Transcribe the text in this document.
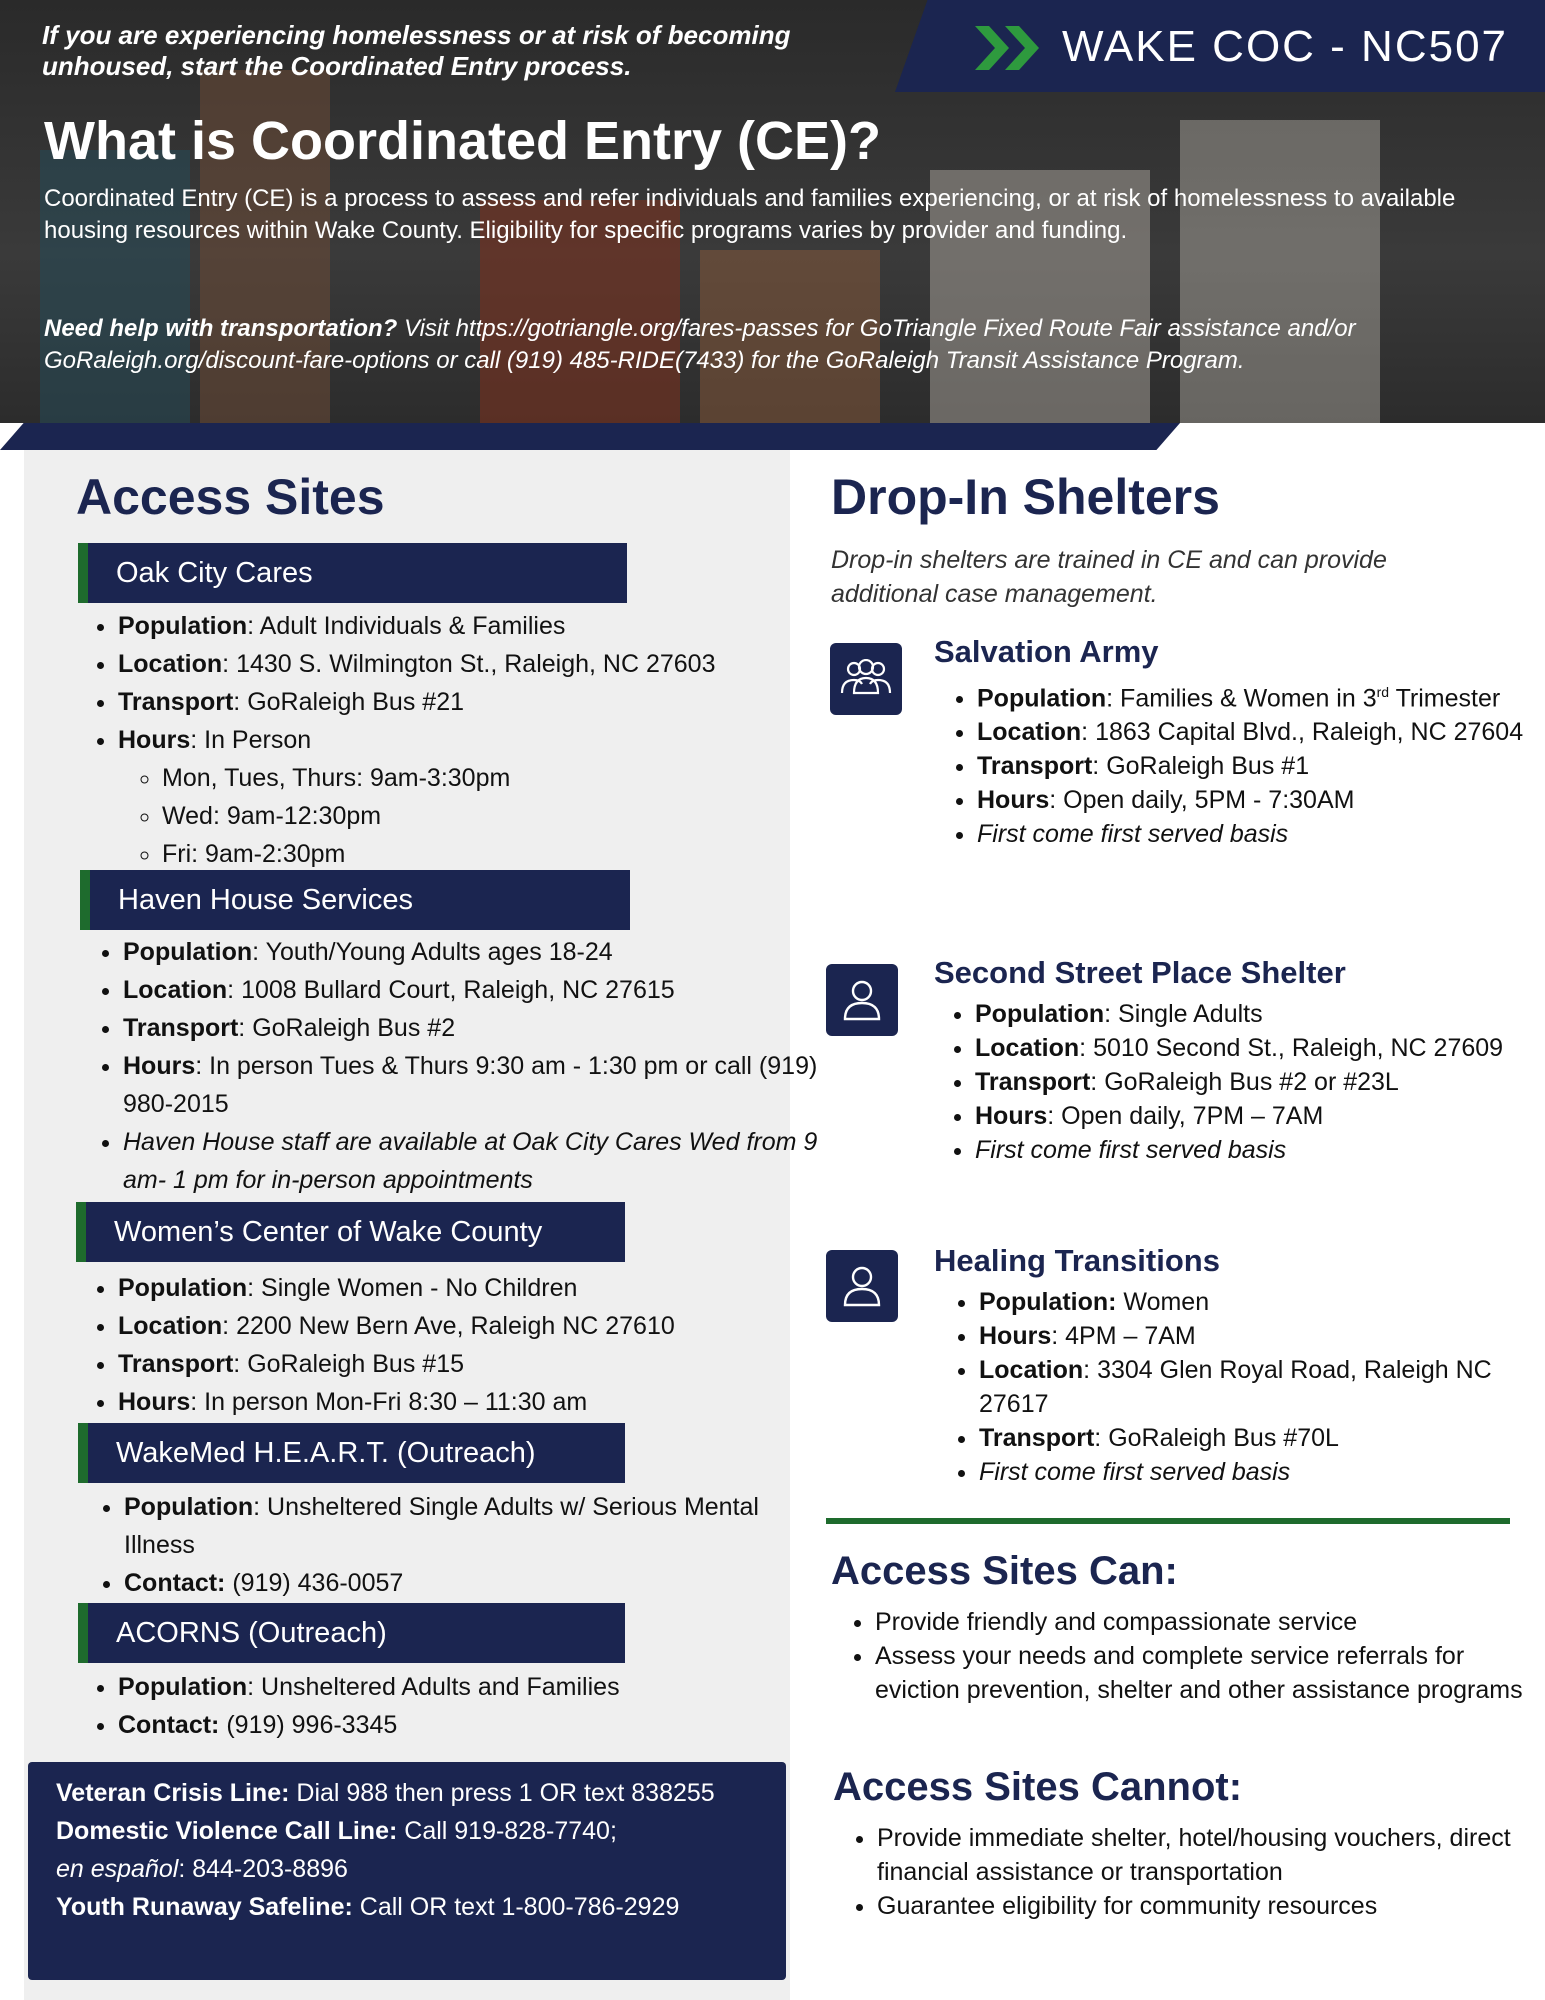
If you are experiencing homelessness or at risk of becoming unhoused, start the Coordinated Entry process.	WAKE COC - NC507
What is Coordinated Entry (CE)?
Coordinated Entry (CE) is a process to assess and refer individuals and families experiencing, or at risk of homelessness to available housing resources within Wake County. Eligibility for specific programs varies by provider and funding.
Need help with transportation? Visit https://gotriangle.org/fares-passes for GoTriangle Fixed Route Fair assistance and/or GoRaleigh.org/discount-fare-options or call (919) 485-RIDE(7433) for the GoRaleigh Transit Assistance Program.
Access Sites
Oak City Cares
• Population: Adult Individuals & Families
• Location: 1430 S. Wilmington St., Raleigh, NC 27603
• Transport: GoRaleigh Bus #21
• Hours: In Person
◦ Mon, Tues, Thurs: 9am-3:30pm
◦ Wed: 9am-12:30pm
◦ Fri: 9am-2:30pm
Haven House Services
• Population: Youth/Young Adults ages 18-24
• Location: 1008 Bullard Court, Raleigh, NC 27615
• Transport: GoRaleigh Bus #2
• Hours: In person Tues & Thurs 9:30 am - 1:30 pm or call (919) 980-2015
• Haven House staff are available at Oak City Cares Wed from 9 am- 1 pm for in-person appointments
Women’s Center of Wake County
• Population: Single Women - No Children
• Location: 2200 New Bern Ave, Raleigh NC 27610
• Transport: GoRaleigh Bus #15
• Hours: In person Mon-Fri 8:30 – 11:30 am
WakeMed H.E.A.R.T. (Outreach)
• Population: Unsheltered Single Adults w/ Serious Mental Illness
• Contact: (919) 436-0057
ACORNS (Outreach)
• Population: Unsheltered Adults and Families
• Contact: (919) 996-3345
Veteran Crisis Line: Dial 988 then press 1 OR text 838255
Domestic Violence Call Line: Call 919-828-7740;
en español: 844-203-8896
Youth Runaway Safeline: Call OR text 1-800-786-2929
Drop-In Shelters
Drop-in shelters are trained in CE and can provide additional case management.
Salvation Army
• Population: Families & Women in 3rd Trimester
• Location: 1863 Capital Blvd., Raleigh, NC 27604
• Transport: GoRaleigh Bus #1
• Hours: Open daily, 5PM - 7:30AM
• First come first served basis
Second Street Place Shelter
• Population: Single Adults
• Location: 5010 Second St., Raleigh, NC 27609
• Transport: GoRaleigh Bus #2 or #23L
• Hours: Open daily, 7PM – 7AM
• First come first served basis
Healing Transitions
• Population: Women
• Hours: 4PM – 7AM
• Location: 3304 Glen Royal Road, Raleigh NC 27617
• Transport: GoRaleigh Bus #70L
• First come first served basis
Access Sites Can:
• Provide friendly and compassionate service
• Assess your needs and complete service referrals for eviction prevention, shelter and other assistance programs
Access Sites Cannot:
• Provide immediate shelter, hotel/housing vouchers, direct financial assistance or transportation
• Guarantee eligibility for community resources
